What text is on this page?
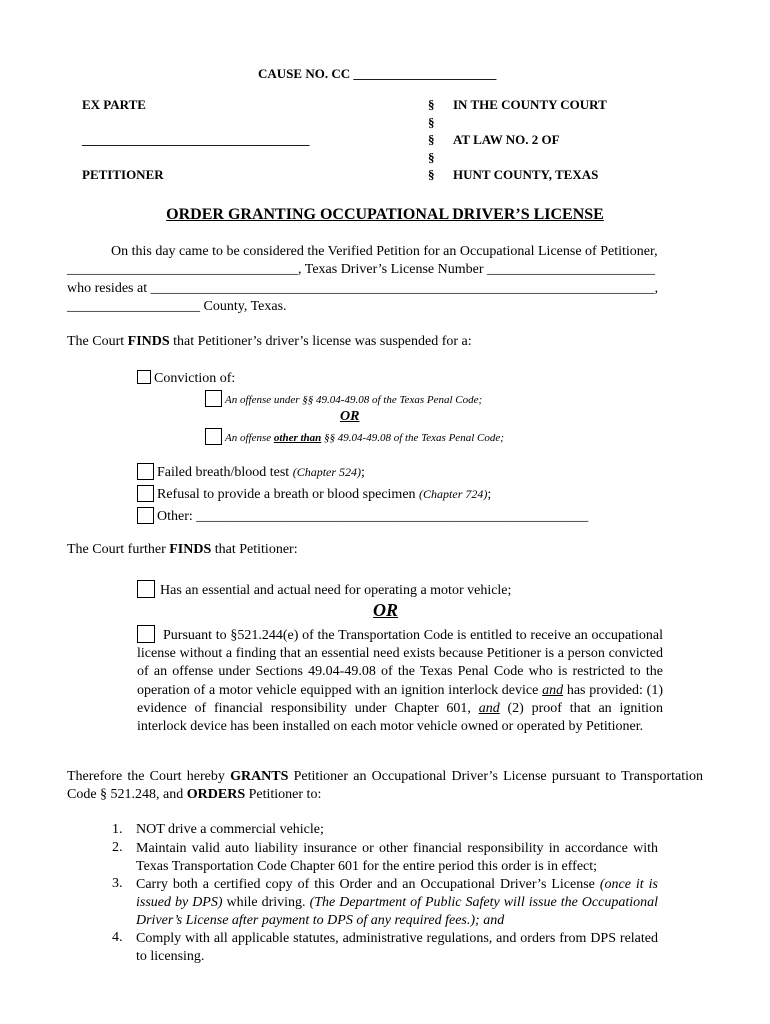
CAUSE NO. CC ______________________
EX PARTE
___________________________________
PETITIONER
§
§
§
§
§
IN THE COUNTY COURT
AT LAW NO. 2 OF
HUNT COUNTY, TEXAS
ORDER GRANTING OCCUPATIONAL DRIVER’S LICENSE
On this day came to be considered the Verified Petition for an Occupational License of Petitioner,
_________________________________, Texas Driver’s License Number ________________________
who resides at ________________________________________________________________________,
___________________ County, Texas.
The Court FINDS that Petitioner’s driver’s license was suspended for a:
Conviction of:
An offense under §§ 49.04-49.08 of the Texas Penal Code;
OR
An offense other than §§ 49.04-49.08 of the Texas Penal Code;
Failed breath/blood test (Chapter 524);
Refusal to provide a breath or blood specimen (Chapter 724);
Other: ________________________________________________________
The Court further FINDS that Petitioner:
Has an essential and actual need for operating a motor vehicle;
OR
Pursuant to §521.244(e) of the Transportation Code is entitled to receive an occupational license without a finding that an essential need exists because Petitioner is a person convicted of an offense under Sections 49.04-49.08 of the Texas Penal Code who is restricted to the operation of a motor vehicle equipped with an ignition interlock device and has provided: (1) evidence of financial responsibility under Chapter 601, and (2) proof that an ignition interlock device has been installed on each motor vehicle owned or operated by Petitioner.
Therefore the Court hereby GRANTS Petitioner an Occupational Driver’s License pursuant to Transportation Code § 521.248, and ORDERS Petitioner to:
1. NOT drive a commercial vehicle;
2. Maintain valid auto liability insurance or other financial responsibility in accordance with Texas Transportation Code Chapter 601 for the entire period this order is in effect;
3. Carry both a certified copy of this Order and an Occupational Driver’s License (once it is issued by DPS) while driving. (The Department of Public Safety will issue the Occupational Driver’s License after payment to DPS of any required fees.); and
4. Comply with all applicable statutes, administrative regulations, and orders from DPS related to licensing.
